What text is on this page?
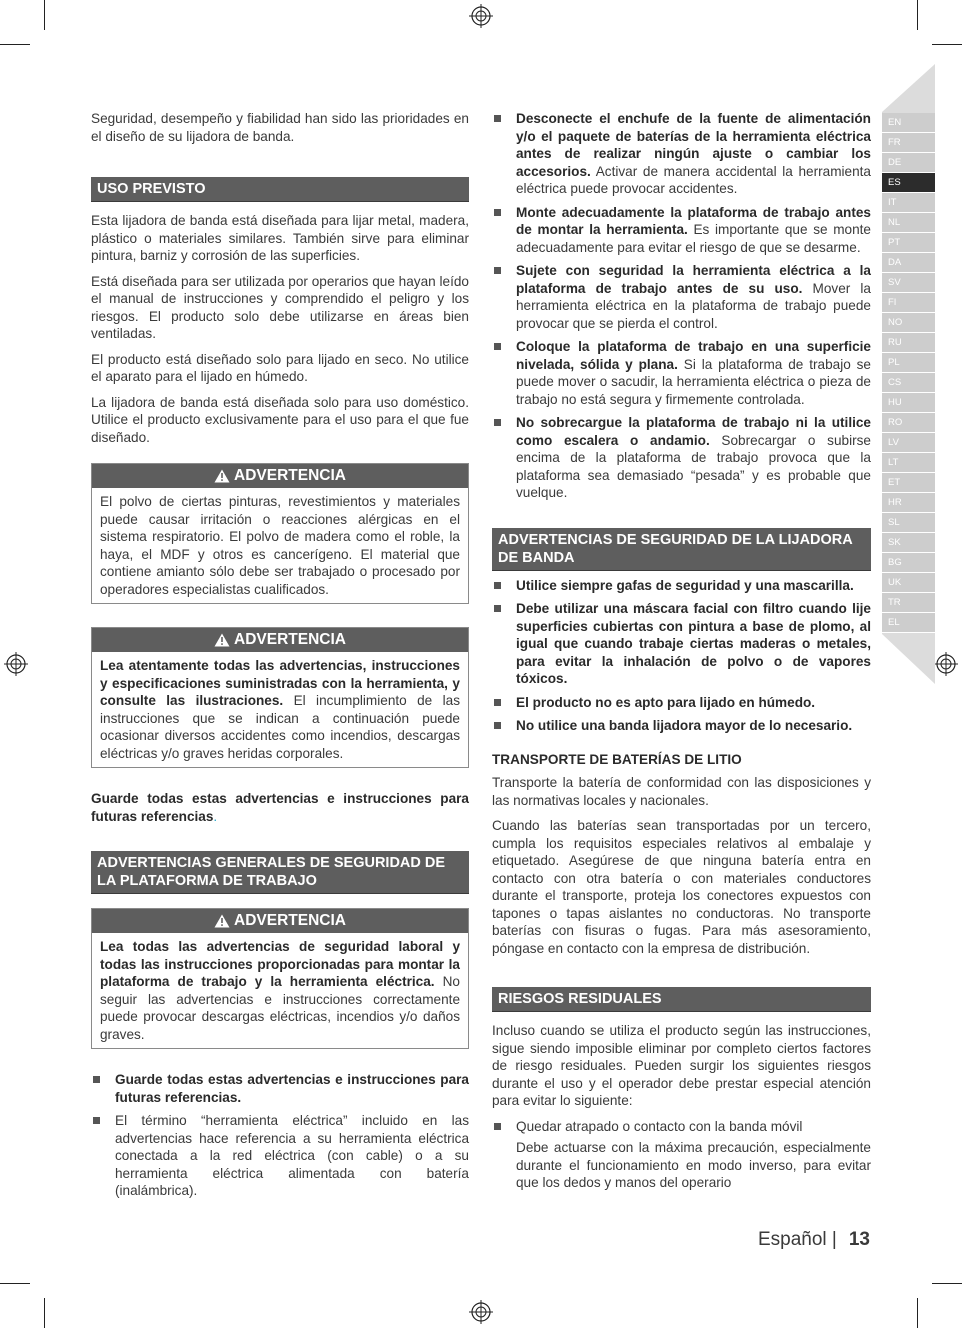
EN
FR
DE
ES
IT
NL
PT
DA
SV
FI
NO
RU
PL
CS
HU
RO
LV
LT
ET
HR
SL
SK
BG
UK
TR
EL

Seguridad, desempeño y fiabilidad han sido las prioridades en el diseño de su lijadora de banda.

USO PREVISTO

Esta lijadora de banda está diseñada para lijar metal, madera, plástico o materiales similares. También sirve para eliminar pintura, barniz y corrosión de las superficies.

Está diseñada para ser utilizada por operarios que hayan leído el manual de instrucciones y comprendido el peligro y los riesgos. El producto solo debe utilizarse en áreas bien ventiladas.

El producto está diseñado solo para lijado en seco. No utilice el aparato para el lijado en húmedo.

La lijadora de banda está diseñada solo para uso doméstico. Utilice el producto exclusivamente para el uso para el que fue diseñado.

ADVERTENCIA

El polvo de ciertas pinturas, revestimientos y materiales puede causar irritación o reacciones alérgicas en el sistema respiratorio. El polvo de madera como el roble, la haya, el MDF y otros es cancerígeno. El material que contiene amianto sólo debe ser trabajado o procesado por operadores especialistas cualificados.

ADVERTENCIA

Lea atentamente todas las advertencias, instrucciones y especificaciones suministradas con la herramienta, y consulte las ilustraciones. El incumplimiento de las instrucciones que se indican a continuación puede ocasionar diversos accidentes como incendios, descargas eléctricas y/o graves heridas corporales.

Guarde todas estas advertencias e instrucciones para futuras referencias.

ADVERTENCIAS GENERALES DE SEGURIDAD DE LA PLATAFORMA DE TRABAJO
ADVERTENCIA

Lea todas las advertencias de seguridad laboral y todas las instrucciones proporcionadas para montar la plataforma de trabajo y la herramienta eléctrica. No seguir las advertencias e instrucciones correctamente puede provocar descargas eléctricas, incendios y/o daños graves.

Guarde todas estas advertencias e instrucciones para futuras referencias.
El término “herramienta eléctrica” incluido en las advertencias hace referencia a su herramienta eléctrica conectada a la red eléctrica (con cable) o a su herramienta eléctrica alimentada con batería (inalámbrica).
Desconecte el enchufe de la fuente de alimentación y/o el paquete de baterías de la herramienta eléctrica antes de realizar ningún ajuste o cambiar los accesorios. Activar de manera accidental la herramienta eléctrica puede provocar accidentes.
Monte adecuadamente la plataforma de trabajo antes de montar la herramienta. Es importante que se monte adecuadamente para evitar el riesgo de que se desarme.
Sujete con seguridad la herramienta eléctrica a la plataforma de trabajo antes de su uso. Mover la herramienta eléctrica en la plataforma de trabajo puede provocar que se pierda el control.
Coloque la plataforma de trabajo en una superficie nivelada, sólida y plana. Si la plataforma de trabajo se puede mover o sacudir, la herramienta eléctrica o pieza de trabajo no está segura y firmemente controlada.
No sobrecargue la plataforma de trabajo ni la utilice como escalera o andamio. Sobrecargar o subirse encima de la plataforma de trabajo provoca que la plataforma sea demasiado “pesada” y es probable que vuelque.
ADVERTENCIAS DE SEGURIDAD DE LA LIJADORA DE BANDA
Utilice siempre gafas de seguridad y una mascarilla.
Debe utilizar una máscara facial con filtro cuando lije superficies cubiertas con pintura a base de plomo, al igual que cuando trabaje ciertas maderas o metales, para evitar la inhalación de polvo o de vapores tóxicos.
El producto no es apto para lijado en húmedo.
No utilice una banda lijadora mayor de lo necesario.
TRANSPORTE DE BATERÍAS DE LITIO

Transporte la batería de conformidad con las disposiciones y las normativas locales y nacionales.

Cuando las baterías sean transportadas por un tercero, cumpla los requisitos especiales relativos al embalaje y etiquetado. Asegúrese de que ninguna batería entra en contacto con otra batería o con materiales conductores durante el transporte, proteja los conectores expuestos con tapones o tapas aislantes no conductoras. No transporte baterías con fisuras o fugas. Para más asesoramiento, póngase en contacto con la empresa de distribución.

RIESGOS RESIDUALES

Incluso cuando se utiliza el producto según las instrucciones, sigue siendo imposible eliminar por completo ciertos factores de riesgo residuales. Pueden surgir los siguientes riesgos durante el uso y el operador debe prestar especial atención para evitar lo siguiente:

Quedar atrapado o contacto con la banda móvil

Debe actuarse con la máxima precaución, especialmente durante el funcionamiento en modo inverso, para evitar que los dedos y manos del operario

Español | 13
